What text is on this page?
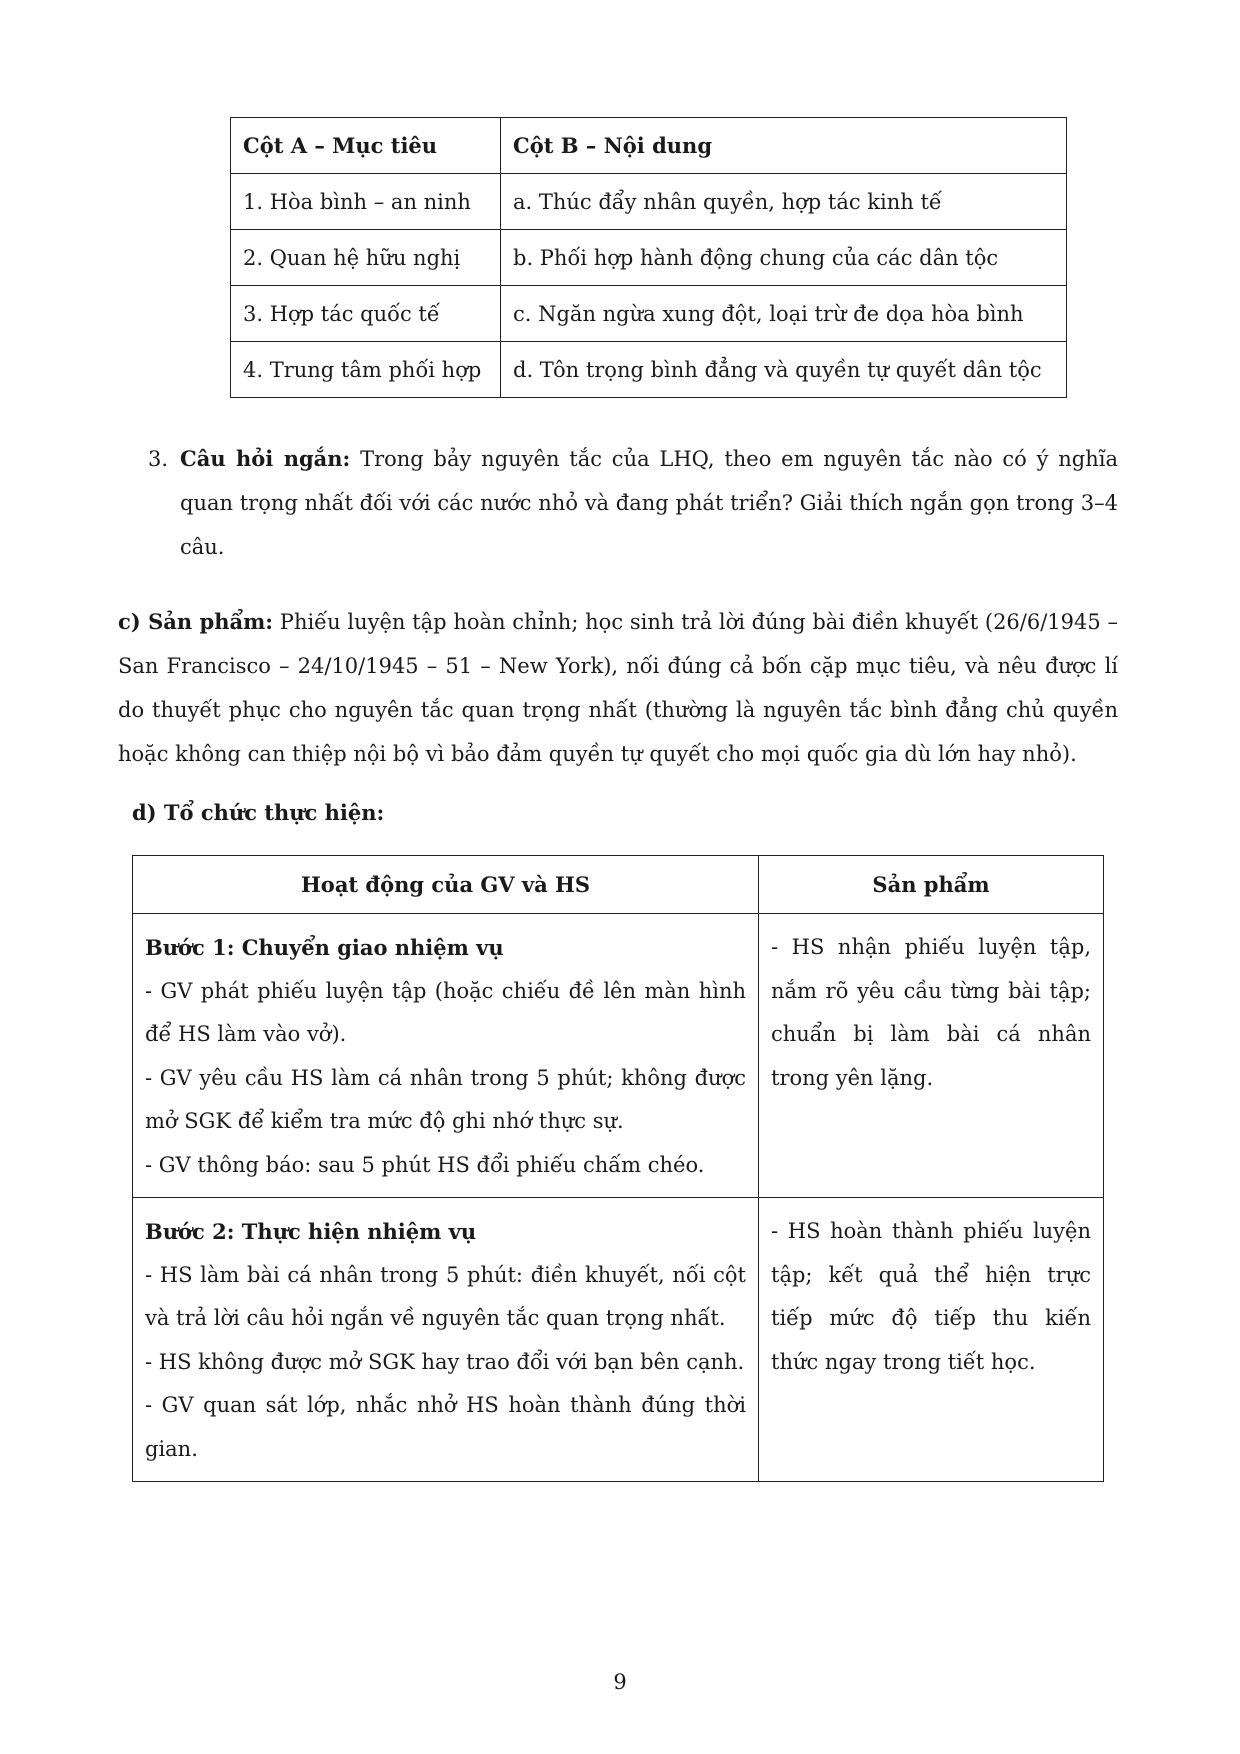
Cột A – Mục tiêu	Cột B – Nội dung
1. Hòa bình – an ninh	a. Thúc đẩy nhân quyền, hợp tác kinh tế
2. Quan hệ hữu nghị	b. Phối hợp hành động chung của các dân tộc
3. Hợp tác quốc tế	c. Ngăn ngừa xung đột, loại trừ đe dọa hòa bình
4. Trung tâm phối hợp	d. Tôn trọng bình đẳng và quyền tự quyết dân tộc
3. Câu hỏi ngắn: Trong bảy nguyên tắc của LHQ, theo em nguyên tắc nào có ý nghĩa quan trọng nhất đối với các nước nhỏ và đang phát triển? Giải thích ngắn gọn trong 3–4 câu.
c) Sản phẩm: Phiếu luyện tập hoàn chỉnh; học sinh trả lời đúng bài điền khuyết (26/6/1945 – San Francisco – 24/10/1945 – 51 – New York), nối đúng cả bốn cặp mục tiêu, và nêu được lí do thuyết phục cho nguyên tắc quan trọng nhất (thường là nguyên tắc bình đẳng chủ quyền hoặc không can thiệp nội bộ vì bảo đảm quyền tự quyết cho mọi quốc gia dù lớn hay nhỏ).
d) Tổ chức thực hiện:
Hoạt động của GV và HS	Sản phẩm

Bước 1: Chuyển giao nhiệm vụ
- GV phát phiếu luyện tập (hoặc chiếu đề lên màn hình để HS làm vào vở).
- GV yêu cầu HS làm cá nhân trong 5 phút; không được mở SGK để kiểm tra mức độ ghi nhớ thực sự.
- GV thông báo: sau 5 phút HS đổi phiếu chấm chéo.	- HS nhận phiếu luyện tập, nắm rõ yêu cầu từng bài tập; chuẩn bị làm bài cá nhân trong yên lặng.

Bước 2: Thực hiện nhiệm vụ
- HS làm bài cá nhân trong 5 phút: điền khuyết, nối cột và trả lời câu hỏi ngắn về nguyên tắc quan trọng nhất.
- HS không được mở SGK hay trao đổi với bạn bên cạnh.
- GV quan sát lớp, nhắc nhở HS hoàn thành đúng thời gian.	- HS hoàn thành phiếu luyện tập; kết quả thể hiện trực tiếp mức độ tiếp thu kiến thức ngay trong tiết học.
9
